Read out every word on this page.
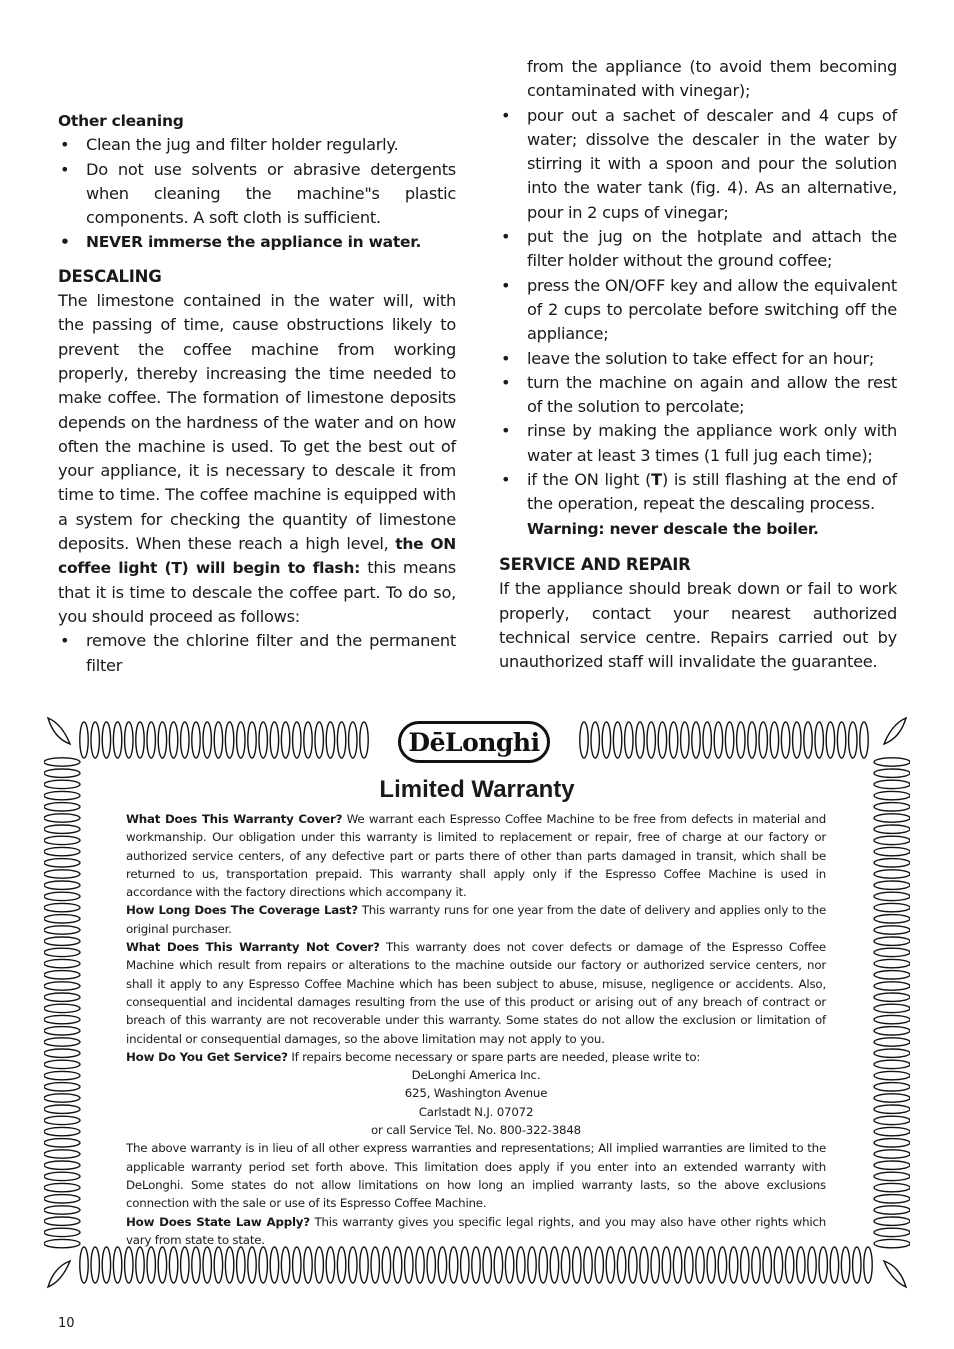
Other cleaning
• Clean the jug and filter holder regularly.
• Do not use solvents or abrasive detergents when cleaning the machine"s plastic components. A soft cloth is sufficient.
• NEVER immerse the appliance in water.
DESCALING

The limestone contained in the water will, with the passing of time, cause obstructions likely to prevent the coffee machine from working properly, thereby increasing the time needed to make coffee. The formation of limestone deposits depends on the hardness of the water and on how often the machine is used. To get the best out of your appliance, it is necessary to descale it from time to time. The coffee machine is equipped with a system for checking the quantity of limestone deposits. When these reach a high level, the ON coffee light (T) will begin to flash: this means that it is time to descale the coffee part. To do so, you should proceed as follows:

• remove the chlorine filter and the permanent filter
from the appliance (to avoid them becoming contaminated with vinegar);
• pour out a sachet of descaler and 4 cups of water; dissolve the descaler in the water by stirring it with a spoon and pour the solution into the water tank (fig. 4). As an alternative, pour in 2 cups of vinegar;
• put the jug on the hotplate and attach the filter holder without the ground coffee;
• press the ON/OFF key and allow the equivalent of 2 cups to percolate before switching off the appliance;
• leave the solution to take effect for an hour;
• turn the machine on again and allow the rest of the solution to percolate;
• rinse by making the appliance work only with water at least 3 times (1 full jug each time);
• if the ON light (T) is still flashing at the end of the operation, repeat the descaling process.
Warning: never descale the boiler.
SERVICE AND REPAIR

If the appliance should break down or fail to work properly, contact your nearest authorized technical service centre. Repairs carried out by unauthorized staff will invalidate the guarantee.

DēLonghi
Limited Warranty

What Does This Warranty Cover? We warrant each Espresso Coffee Machine to be free from defects in material and workmanship. Our obligation under this warranty is limited to replacement or repair, free of charge at our factory or authorized service centers, of any defective part or parts there of other than parts damaged in transit, which shall be returned to us, transportation prepaid. This warranty shall apply only if the Espresso Coffee Machine is used in accordance with the factory directions which accompany it.

How Long Does The Coverage Last? This warranty runs for one year from the date of delivery and applies only to the original purchaser.

What Does This Warranty Not Cover? This warranty does not cover defects or damage of the Espresso Coffee Machine which result from repairs or alterations to the machine outside our factory or authorized service centers, nor shall it apply to any Espresso Coffee Machine which has been subject to abuse, misuse, negligence or accidents. Also, consequential and incidental damages resulting from the use of this product or arising out of any breach of contract or breach of this warranty are not recoverable under this warranty. Some states do not allow the exclusion or limitation of incidental or consequential damages, so the above limitation may not apply to you.

How Do You Get Service? If repairs become necessary or spare parts are needed, please write to:

DeLonghi America Inc.
625, Washington Avenue
Carlstadt N.J. 07072
or call Service Tel. No. 800-322-3848

The above warranty is in lieu of all other express warranties and representations; All implied warranties are limited to the applicable warranty period set forth above. This limitation does apply if you enter into an extended warranty with DeLonghi. Some states do not allow limitations on how long an implied warranty lasts, so the above exclusions connection with the sale or use of its Espresso Coffee Machine.

How Does State Law Apply? This warranty gives you specific legal rights, and you may also have other rights which vary from state to state.

10
